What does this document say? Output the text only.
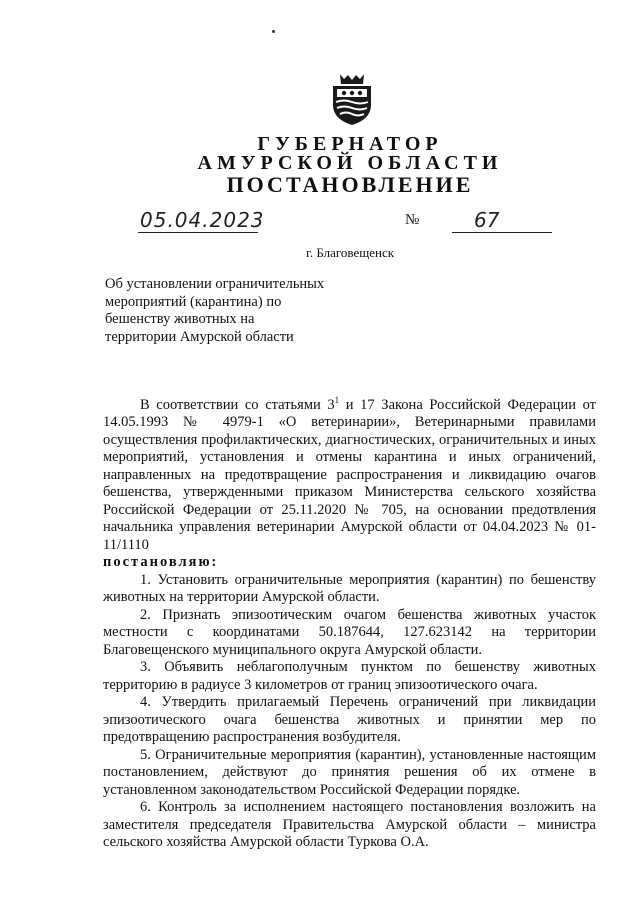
ГУБЕРНАТОР
АМУРСКОЙ ОБЛАСТИ
ПОСТАНОВЛЕНИЕ
05.04.2023	№	67
г. Благовещенск
Об установлении ограничительных мероприятий (карантина) по бешенству животных на территории Амурской области

В соответствии со статьями $3^1$ и 17 Закона Российской Федерации от 14.05.1993 № 4979-1 «О ветеринарии», Ветеринарными правилами осуществления профилактических, диагностических, ограничительных и иных мероприятий, установления и отмены карантина и иных ограничений, направленных на предотвращение распространения и ликвидацию очагов бешенства, утвержденными приказом Министерства сельского хозяйства Российской Федерации от 25.11.2020 № 705, на основании предотвления начальника управления ветеринарии Амурской области от 04.04.2023 № 01-11/1110

постановляю:

1. Установить ограничительные мероприятия (карантин) по бешенству животных на территории Амурской области.

2. Признать эпизоотическим очагом бешенства животных участок местности с координатами 50.187644, 127.623142 на территории Благовещенского муниципального округа Амурской области.

3. Объявить неблагополучным пунктом по бешенству животных территорию в радиусе 3 километров от границ эпизоотического очага.

4. Утвердить прилагаемый Перечень ограничений при ликвидации эпизоотического очага бешенства животных и принятии мер по предотвращению распространения возбудителя.

5. Ограничительные мероприятия (карантин), установленные настоящим постановлением, действуют до принятия решения об их отмене в установленном законодательством Российской Федерации порядке.

6. Контроль за исполнением настоящего постановления возложить на заместителя председателя Правительства Амурской области – министра сельского хозяйства Амурской области Туркова О.А.
